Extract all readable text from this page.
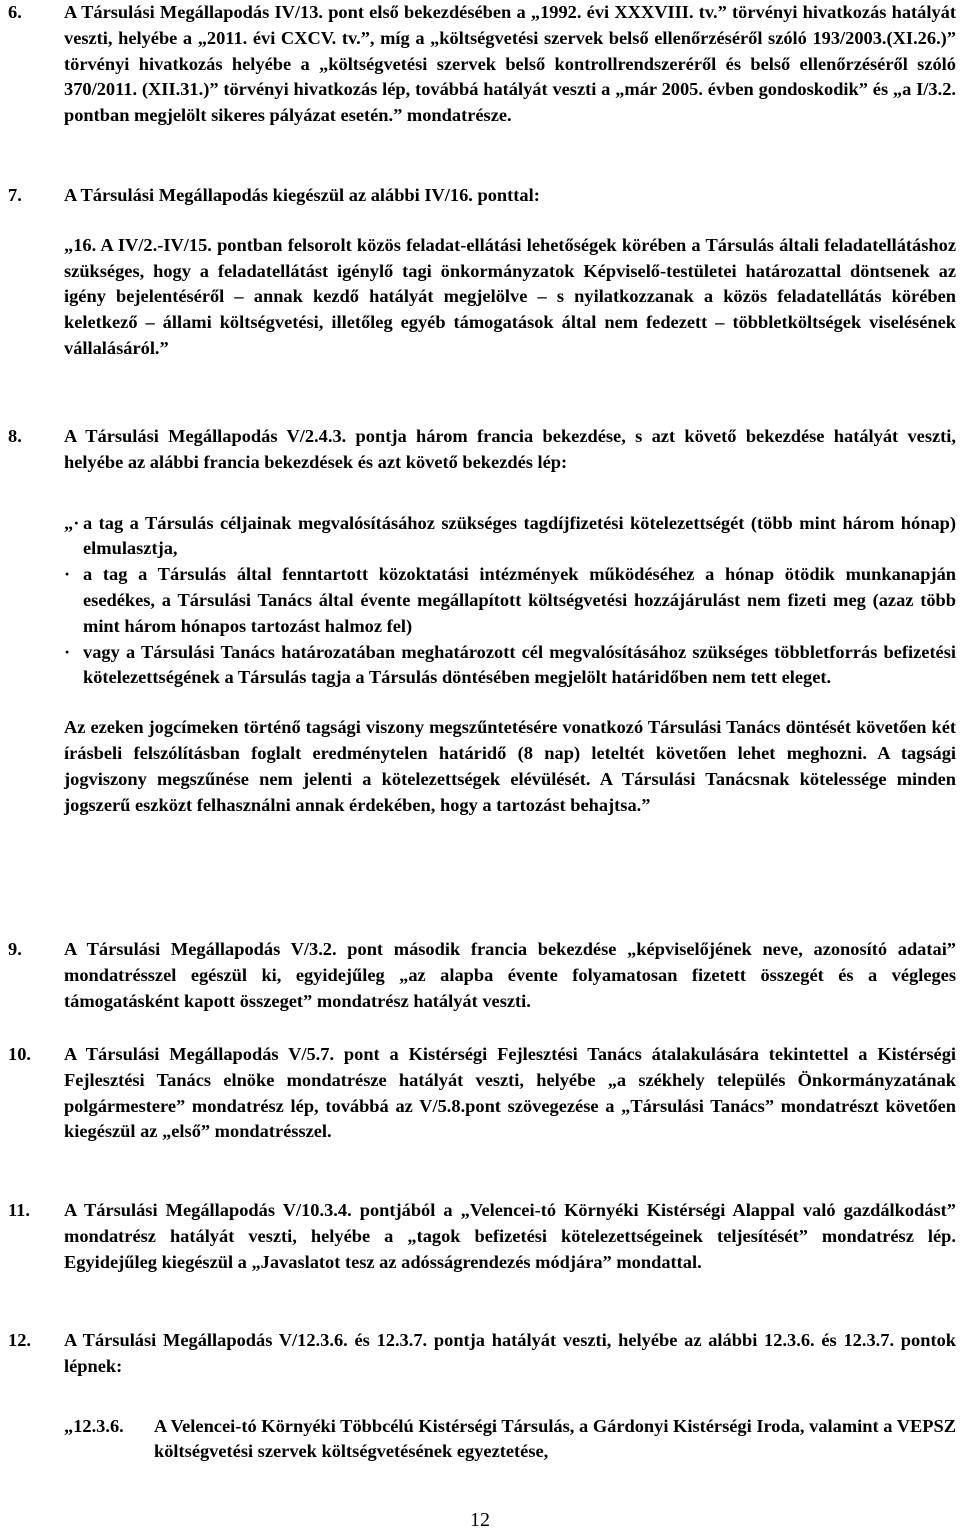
6.	A Társulási Megállapodás IV/13. pont első bekezdésében a „1992. évi XXXVIII. tv.” törvényi hivatkozás hatályát veszti, helyébe a „2011. évi CXCV. tv.”, míg a „költségvetési szervek belső ellenőrzéséről szóló 193/2003.(XI.26.)” törvényi hivatkozás helyébe a „költségvetési szervek belső kontrollrendszeréről és belső ellenőrzéséről szóló 370/2011. (XII.31.)” törvényi hivatkozás lép, továbbá hatályát veszti a „már 2005. évben gondoskodik” és „a I/3.2. pontban megjelölt sikeres pályázat esetén.” mondatrésze.
7.	A Társulási Megállapodás kiegészül az alábbi IV/16. ponttal:

„16. A IV/2.-IV/15. pontban felsorolt közös feladat-ellátási lehetőségek körében a Társulás általi feladatellátáshoz szükséges, hogy a feladatellátást igénylő tagi önkormányzatok Képviselő-testületei határozattal döntsenek az igény bejelentéséről – annak kezdő hatályát megjelölve – s nyilatkozzanak a közös feladatellátás körében keletkező – állami költségvetési, illetőleg egyéb támogatások által nem fedezett – többletköltségek viselésének vállalásáról.”

8.	A Társulási Megállapodás V/2.4.3. pontja három francia bekezdése, s azt követő bekezdése hatályát veszti, helyébe az alábbi francia bekezdések és azt követő bekezdés lép:

„· a tag a Társulás céljainak megvalósításához szükséges tagdíjfizetési kötelezettségét (több mint három hónap) elmulasztja,
· a tag a Társulás által fenntartott közoktatási intézmények működéséhez a hónap ötödik munkanapján esedékes, a Társulási Tanács által évente megállapított költségvetési hozzájárulást nem fizeti meg (azaz több mint három hónapos tartozást halmoz fel)
· vagy a Társulási Tanács határozatában meghatározott cél megvalósításához szükséges többletforrás befizetési kötelezettségének a Társulás tagja a Társulás döntésében megjelölt határidőben nem tett eleget.

Az ezeken jogcímeken történő tagsági viszony megszűntetésére vonatkozó Társulási Tanács döntését követően két írásbeli felszólításban foglalt eredménytelen határidő (8 nap) leteltét követően lehet meghozni. A tagsági jogviszony megszűnése nem jelenti a kötelezettségek elévülését. A Társulási Tanácsnak kötelessége minden jogszerű eszközt felhasználni annak érdekében, hogy a tartozást behajtsa.”

9.	A Társulási Megállapodás V/3.2. pont második francia bekezdése „képviselőjének neve, azonosító adatai” mondatrésszel egészül ki, egyidejűleg „az alapba évente folyamatosan fizetett összegét és a végleges támogatásként kapott összeget” mondatrész hatályát veszti.
10.	A Társulási Megállapodás V/5.7. pont a Kistérségi Fejlesztési Tanács átalakulására tekintettel a Kistérségi Fejlesztési Tanács elnöke mondatrésze hatályát veszti, helyébe „a székhely település Önkormányzatának polgármestere” mondatrész lép, továbbá az V/5.8.pont szövegezése a „Társulási Tanács” mondatrészt követően kiegészül az „első” mondatrésszel.
11.	A Társulási Megállapodás V/10.3.4. pontjából a „Velencei-tó Környéki Kistérségi Alappal való gazdálkodást” mondatrész hatályát veszti, helyébe a „tagok befizetési kötelezettségeinek teljesítését” mondatrész lép. Egyidejűleg kiegészül a „Javaslatot tesz az adósságrendezés módjára” mondattal.
12.	A Társulási Megállapodás V/12.3.6. és 12.3.7. pontja hatályát veszti, helyébe az alábbi 12.3.6. és 12.3.7. pontok lépnek:

„12.3.6.	A Velencei-tó Környéki Többcélú Kistérségi Társulás, a Gárdonyi Kistérségi Iroda, valamint a VEPSZ költségvetési szervek költségvetésének egyeztetése,
12
